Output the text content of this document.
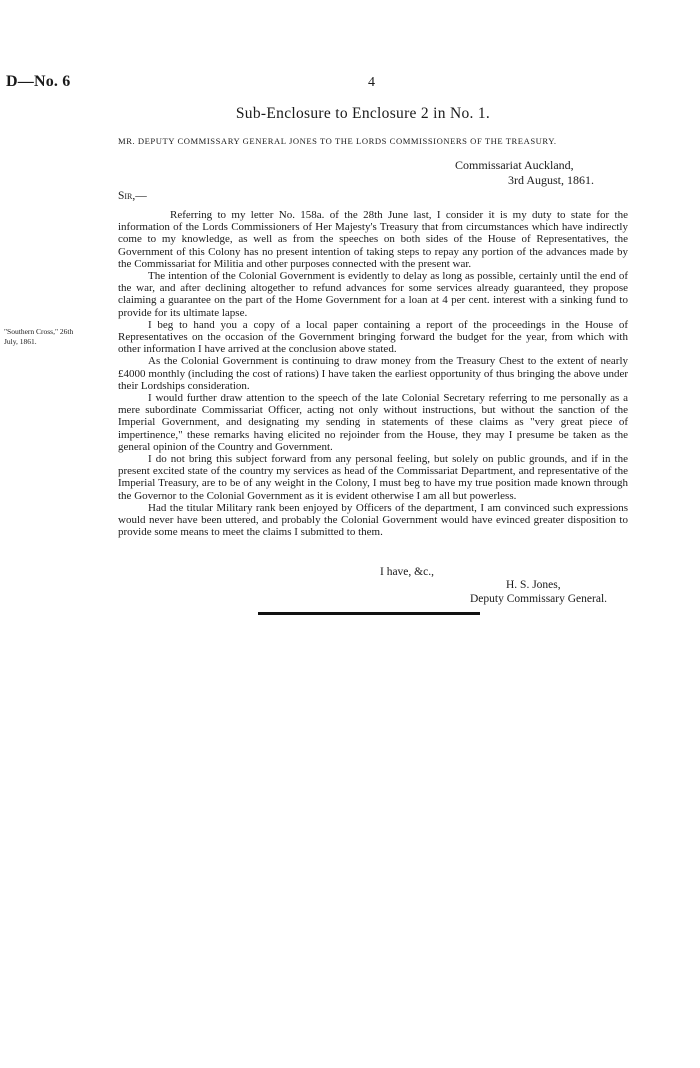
D—No. 6	4
Sub-Enclosure to Enclosure 2 in No. 1.
MR. DEPUTY COMMISSARY GENERAL JONES TO THE LORDS COMMISSIONERS OF THE TREASURY.
Commissariat Auckland,
3rd August, 1861.
Sir,—
"Southern Cross," 26th
July, 1861.

Referring to my letter No. 158a. of the 28th June last, I consider it is my duty to state for the information of the Lords Commissioners of Her Majesty's Treasury that from circumstances which have indirectly come to my knowledge, as well as from the speeches on both sides of the House of Representatives, the Government of this Colony has no present intention of taking steps to repay any portion of the advances made by the Commissariat for Militia and other purposes connected with the present war.

The intention of the Colonial Government is evidently to delay as long as possible, certainly until the end of the war, and after declining altogether to refund advances for some services already guaranteed, they propose claiming a guarantee on the part of the Home Government for a loan at 4 per cent. interest with a sinking fund to provide for its ultimate lapse.

I beg to hand you a copy of a local paper containing a report of the proceedings in the House of Representatives on the occasion of the Government bringing forward the budget for the year, from which with other information I have arrived at the conclusion above stated.

As the Colonial Government is continuing to draw money from the Treasury Chest to the extent of nearly £4000 monthly (including the cost of rations) I have taken the earliest opportunity of thus bringing the above under their Lordships consideration.

I would further draw attention to the speech of the late Colonial Secretary referring to me personally as a mere subordinate Commissariat Officer, acting not only without instructions, but without the sanction of the Imperial Government, and designating my sending in statements of these claims as "very great piece of impertinence," these remarks having elicited no rejoinder from the House, they may I presume be taken as the general opinion of the Country and Government.

I do not bring this subject forward from any personal feeling, but solely on public grounds, and if in the present excited state of the country my services as head of the Commissariat Department, and representative of the Imperial Treasury, are to be of any weight in the Colony, I must beg to have my true position made known through the Governor to the Colonial Government as it is evident otherwise I am all but powerless.

Had the titular Military rank been enjoyed by Officers of the department, I am convinced such expressions would never have been uttered, and probably the Colonial Government would have evinced greater disposition to provide some means to meet the claims I submitted to them.

I have, &c.,
H. S. Jones,
Deputy Commissary General.
